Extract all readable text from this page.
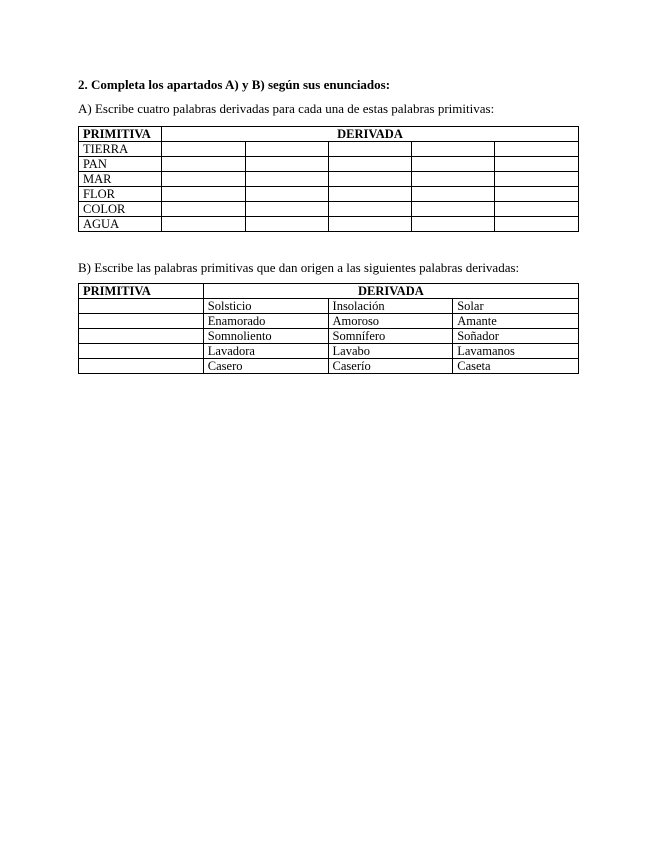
2. Completa los apartados A) y B) según sus enunciados:
A) Escribe cuatro palabras derivadas para cada una de estas palabras primitivas:
PRIMITIVA	DERIVADA				
TIERRA					
PAN					
MAR					
FLOR					
COLOR					
AGUA					
B) Escribe las palabras primitivas que dan origen a las siguientes palabras derivadas:
PRIMITIVA	DERIVADA		
	Solsticio	Insolación	Solar
	Enamorado	Amoroso	Amante
	Somnoliento	Somnífero	Soñador
	Lavadora	Lavabo	Lavamanos
	Casero	Caserío	Caseta
